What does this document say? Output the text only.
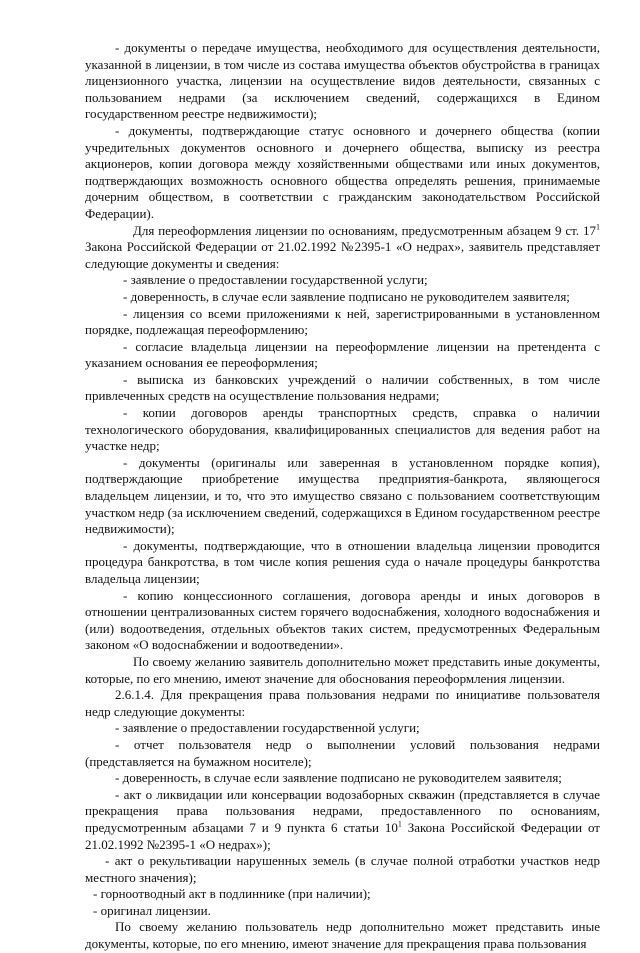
- документы о передаче имущества, необходимого для осуществления деятельности, указанной в лицензии, в том числе из состава имущества объектов обустройства в границах лицензионного участка, лицензии на осуществление видов деятельности, связанных с пользованием недрами (за исключением сведений, содержащихся в Едином государственном реестре недвижимости);

- документы, подтверждающие статус основного и дочернего общества (копии учредительных документов основного и дочернего общества, выписку из реестра акционеров, копии договора между хозяйственными обществами или иных документов, подтверждающих возможность основного общества определять решения, принимаемые дочерним обществом, в соответствии с гражданским законодательством Российской Федерации).

Для переоформления лицензии по основаниям, предусмотренным абзацем 9 ст. $17^1$ Закона Российской Федерации от 21.02.1992 №2395-1 «О недрах», заявитель представляет следующие документы и сведения:

- заявление о предоставлении государственной услуги;

- доверенность, в случае если заявление подписано не руководителем заявителя;

- лицензия со всеми приложениями к ней, зарегистрированными в установленном порядке, подлежащая переоформлению;

- согласие владельца лицензии на переоформление лицензии на претендента с указанием основания ее переоформления;

- выписка из банковских учреждений о наличии собственных, в том числе привлеченных средств на осуществление пользования недрами;

- копии договоров аренды транспортных средств, справка о наличии технологического оборудования, квалифицированных специалистов для ведения работ на участке недр;

- документы (оригиналы или заверенная в установленном порядке копия), подтверждающие приобретение имущества предприятия-банкрота, являющегося владельцем лицензии, и то, что это имущество связано с пользованием соответствующим участком недр (за исключением сведений, содержащихся в Едином государственном реестре недвижимости);

- документы, подтверждающие, что в отношении владельца лицензии проводится процедура банкротства, в том числе копия решения суда о начале процедуры банкротства владельца лицензии;

- копию концессионного соглашения, договора аренды и иных договоров в отношении централизованных систем горячего водоснабжения, холодного водоснабжения и (или) водоотведения, отдельных объектов таких систем, предусмотренных Федеральным законом «О водоснабжении и водоотведении».

По своему желанию заявитель дополнительно может представить иные документы, которые, по его мнению, имеют значение для обоснования переоформления лицензии.

2.6.1.4. Для прекращения права пользования недрами по инициативе пользователя недр следующие документы:

- заявление о предоставлении государственной услуги;

- отчет пользователя недр о выполнении условий пользования недрами (представляется на бумажном носителе);

- доверенность, в случае если заявление подписано не руководителем заявителя;

- акт о ликвидации или консервации водозаборных скважин (представляется в случае прекращения права пользования недрами, предоставленного по основаниям, предусмотренным абзацами 7 и 9 пункта 6 статьи $10^1$ Закона Российской Федерации от 21.02.1992 №2395-1 «О недрах»);

- акт о рекультивации нарушенных земель (в случае полной отработки участков недр местного значения);

- горноотводный акт в подлиннике (при наличии);

- оригинал лицензии.

По своему желанию пользователь недр дополнительно может представить иные документы, которые, по его мнению, имеют значение для прекращения права пользования
